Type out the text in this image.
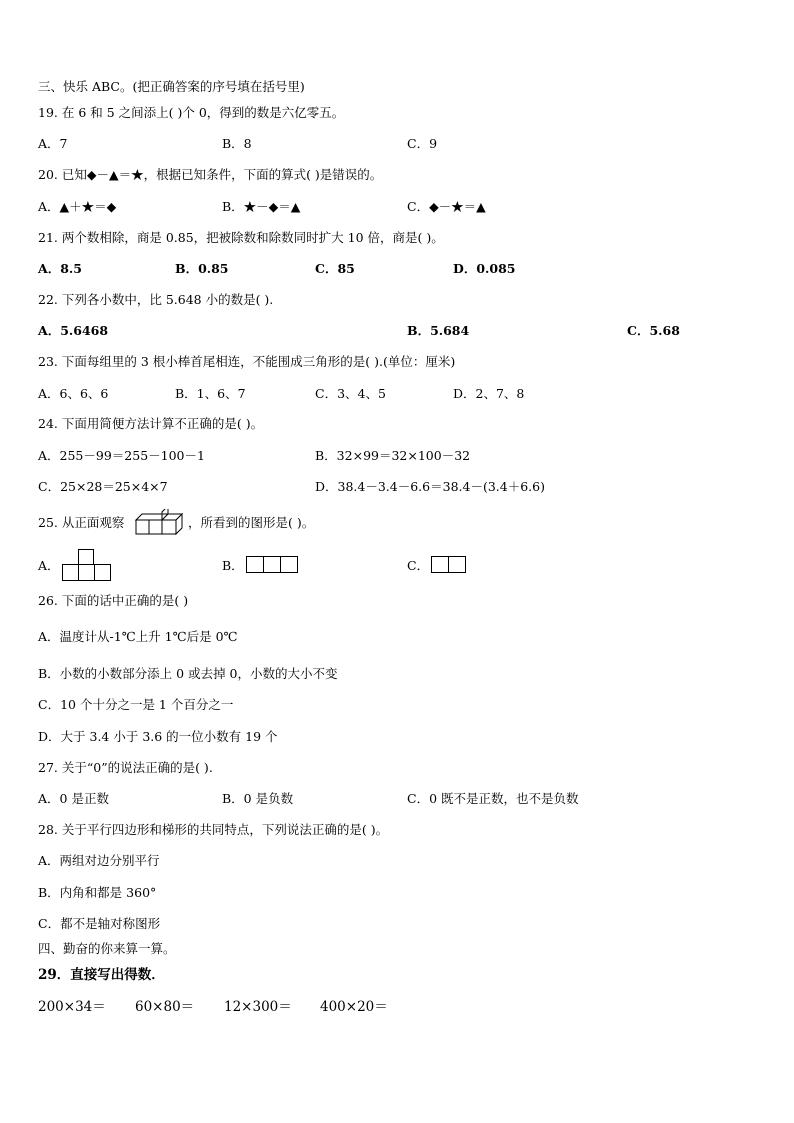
三、快乐 ABC。(把正确答案的序号填在括号里)
19. 在 6 和 5 之间添上( )个 0，得到的数是六亿零五。
A．7	B．8	C．9
20. 已知◆－▲＝★，根据已知条件，下面的算式( )是错误的。
A．▲＋★＝◆	B．★－◆＝▲	C．◆－★＝▲
21. 两个数相除，商是 0.85，把被除数和除数同时扩大 10 倍，商是( )。
A．8.5	B．0.85	C．85	D．0.085
22. 下列各小数中，比 5.648 小的数是( ).
A．5.6468	B．5.684	C．5.68
23. 下面每组里的 3 根小棒首尾相连，不能围成三角形的是( ).(单位：厘米)
A．6、6、6	B．1、6、7	C．3、4、5	D．2、7、8
24. 下面用简便方法计算不正确的是( )。
A．255－99＝255－100－1	B．32×99＝32×100－32
C．25×28＝25×4×7	D．38.4－3.4－6.6＝38.4－(3.4＋6.6)
25. 从正面观察	，所看到的图形是( )。
A．	B．	C．
26. 下面的话中正确的是( )
A．温度计从-1℃上升 1℃后是 0℃
B．小数的小数部分添上 0 或去掉 0，小数的大小不变
C．10 个十分之一是 1 个百分之一
D．大于 3.4 小于 3.6 的一位小数有 19 个
27. 关于“0”的说法正确的是( ).
A．0 是正数	B．0 是负数	C．0 既不是正数，也不是负数
28. 关于平行四边形和梯形的共同特点，下列说法正确的是( )。
A．两组对边分别平行
B．内角和都是 360°
C．都不是轴对称图形
四、勤奋的你来算一算。
29．直接写出得数．
200×34＝ 60×80＝ 12×300＝ 400×20＝
